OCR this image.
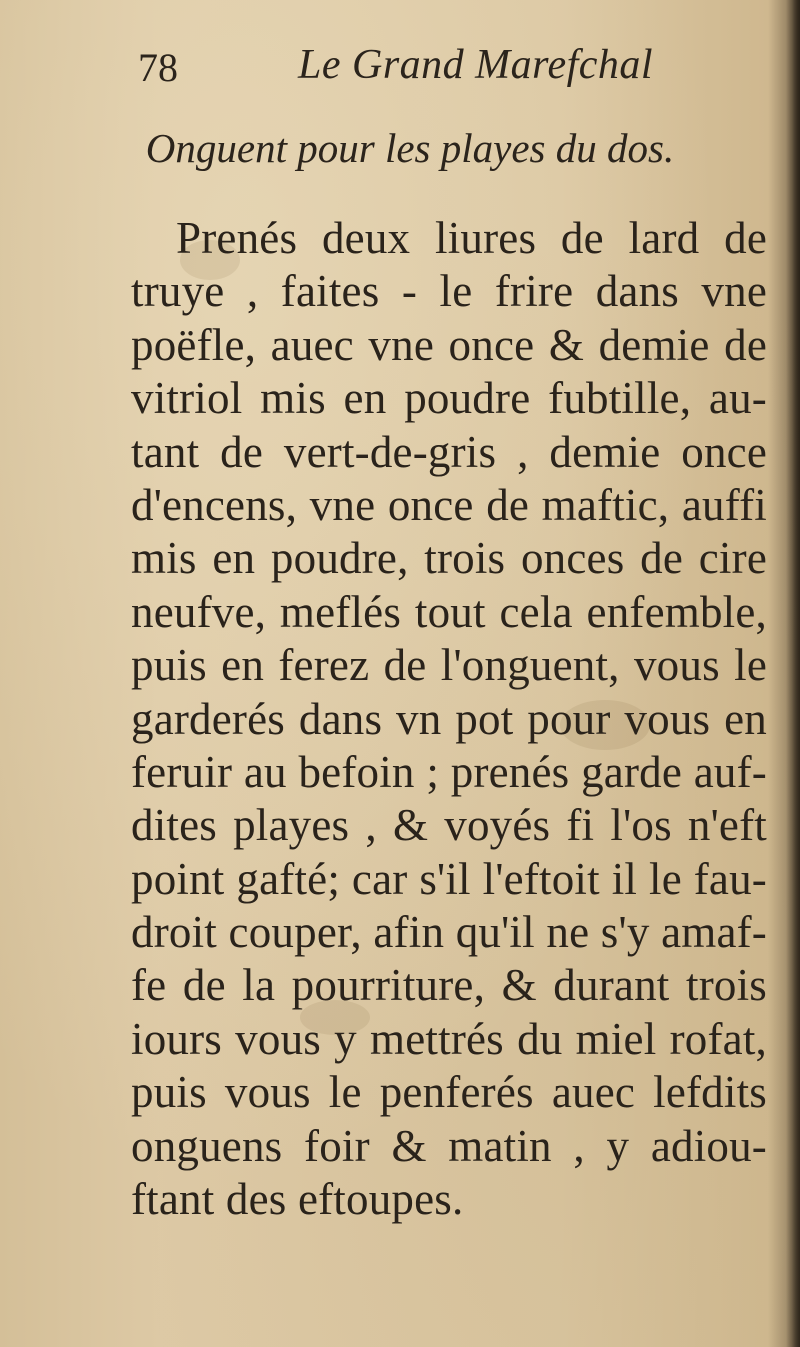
78	Le Grand Marefchal
Onguent pour les playes du dos.
Prenés deux liures de lard de
truye , faites - le frire dans vne
poëfle, auec vne once & demie de
vitriol mis en poudre fubtille, au-
tant de vert-de-gris , demie once
d'encens, vne once de maftic, auffi
mis en poudre, trois onces de cire
neufve, meflés tout cela enfemble,
puis en ferez de l'onguent, vous le
garderés dans vn pot pour vous en
feruir au befoin ; prenés garde auf-
dites playes , & voyés fi l'os n'eft
point gafté; car s'il l'eftoit il le fau-
droit couper, afin qu'il ne s'y amaf-
fe de la pourriture, & durant trois
iours vous y mettrés du miel rofat,
puis vous le penferés auec lefdits
onguens foir & matin , y adiou-
ftant des eftoupes.
